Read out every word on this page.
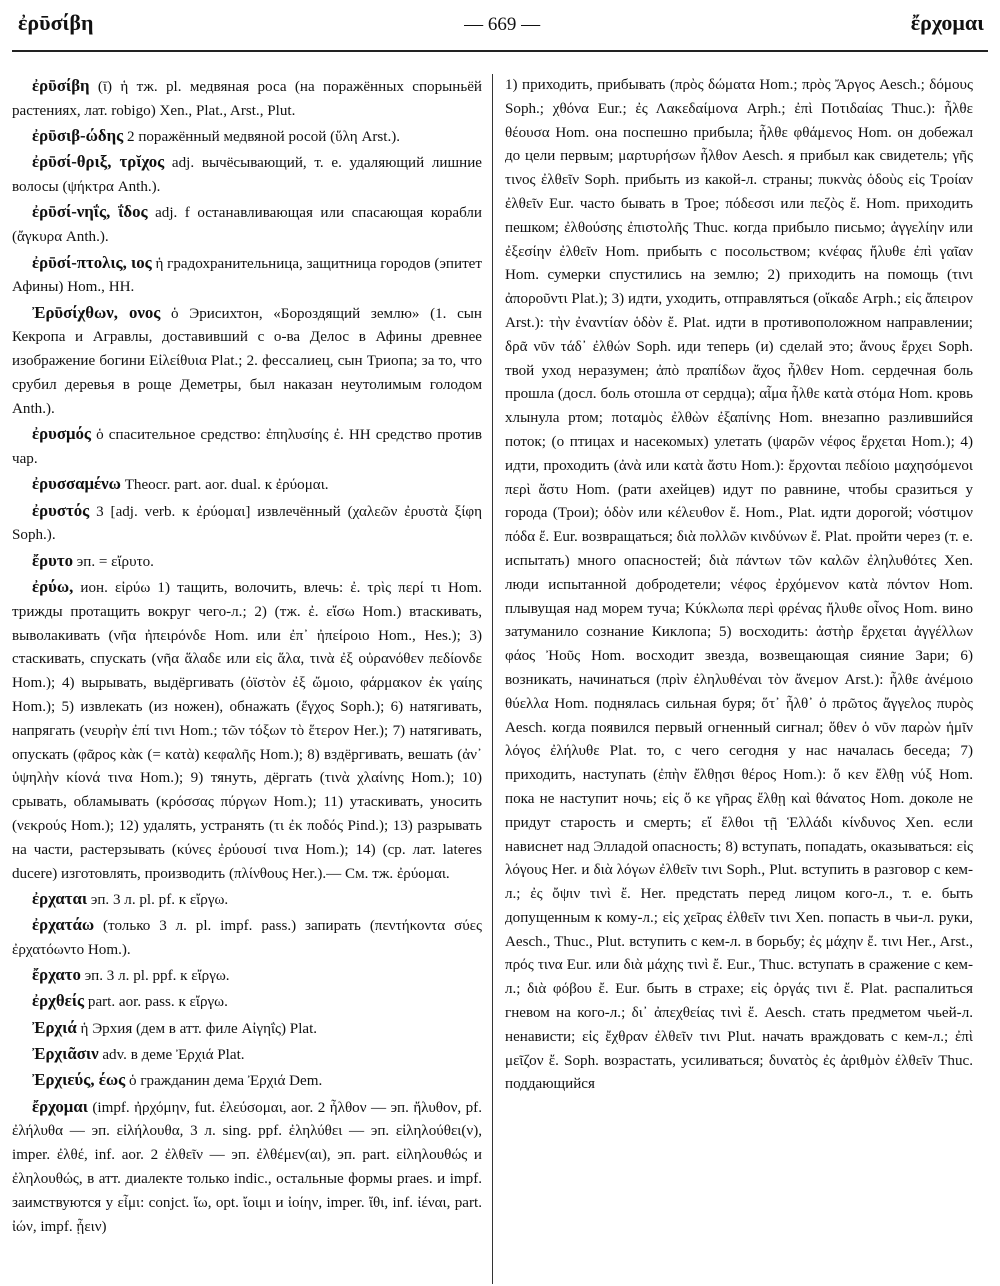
ἐρῡσίβη	— 669 —	ἔρχομαι

ἐρῡσίβη (ῑ) ἡ тж. pl. медвяная роса (на поражённых спорыньёй растениях, лат. robigo) Xen., Plat., Arst., Plut.

ἐρῡσιβ-ώδης 2 поражённый медвяной росой (ὕλη Arst.).

ἐρῡσί-θριξ, τρῐχος adj. вычёсывающий, т. е. удаляющий лишние волосы (ψήκτρα Anth.).

ἐρῡσί-νηΐς, ΐδος adj. f останавливающая или спасающая корабли (ἄγκυρα Anth.).

ἐρῡσί-πτολις, ιος ἡ градохранительница, защитница городов (эпитет Афины) Hom., HH.

Ἐρῡσίχθων, ονος ὁ Эрисихтон, «Бороздящий землю» (1. сын Кекропа и Агравлы, доставивший с о-ва Делос в Афины древнее изображение богини Εἰλείθυια Plat.; 2. фессалиец, сын Триопа; за то, что срубил деревья в роще Деметры, был наказан неутолимым голодом Anth.).

ἐρυσμός ὁ спасительное средство: ἐπηλυσίης ἐ. HH средство против чар.

ἐρυσσαμένω Theocr. part. aor. dual. к ἐρύομαι.

ἐρυστός 3 [adj. verb. к ἐρύομαι] извлечённый (χαλεῶν ἐρυστὰ ξίφη Soph.).

ἔρυτο эп. = εἴρυτο.

ἐρύω, ион. εἰρύω 1) тащить, волочить, влечь: ἐ. τρὶς περί τι Hom. трижды протащить вокруг чего-л.; 2) (тж. ἐ. εἴσω Hom.) втаскивать, выволакивать (νῆα ἠπειρόνδε Hom. или ἐπ᾽ ἠπείροιο Hom., Hes.); 3) стаскивать, спускать (νῆα ἅλαδε или εἰς ἅλα, τινὰ ἐξ οὐρανόθεν πεδίονδε Hom.); 4) вырывать, выдёргивать (ὀϊστὸν ἐξ ὤμοιο, φάρμακον ἐκ γαίης Hom.); 5) извлекать (из ножен), обнажать (ἔγχος Soph.); 6) натягивать, напрягать (νευρὴν ἐπί τινι Hom.; τῶν τόξων τὸ ἕτερον Her.); 7) натягивать, опускать (φᾶρος κὰκ (= κατὰ) κεφαλῆς Hom.); 8) вздёргивать, вешать (ἀν᾽ ὑψηλὴν κίονά τινα Hom.); 9) тянуть, дёргать (τινὰ χλαίνης Hom.); 10) срывать, обламывать (κρόσσας πύργων Hom.); 11) утаскивать, уносить (νεκρούς Hom.); 12) удалять, устранять (τι ἐκ ποδός Pind.); 13) разрывать на части, растерзывать (κύνες ἐρύουσί τινα Hom.); 14) (ср. лат. lateres ducere) изготовлять, производить (πλίνθους Her.).— См. тж. ἐρύομαι.

ἐρχαται эп. 3 л. pl. pf. к εἴργω.

ἐρχατάω (только 3 л. pl. impf. pass.) запирать (πεντήκοντα σύες ἐρχατόωντο Hom.).

ἔρχατο эп. 3 л. pl. ppf. к εἴργω.

ἐρχθείς part. aor. pass. к εἴργω.

Ἐρχιά ἡ Эрхия (дем в атт. филе Αἰγηΐς) Plat.

Ἐρχιᾶσιν adv. в деме Ἐρχιά Plat.

Ἐρχιεύς, έως ὁ гражданин дема Ἐρχιά Dem.

ἔρχομαι (impf. ἠρχόμην, fut. ἐλεύσομαι, aor. 2 ἦλθον — эп. ἤλυθον, pf. ἐλήλυθα — эп. εἰλήλουθα, 3 л. sing. ppf. ἐληλύθει — эп. εἰληλούθει(ν), imper. ἐλθέ, inf. aor. 2 ἐλθεῖν — эп. ἐλθέμεν(αι), эп. part. εἰληλουθώς и ἐληλουθώς, в атт. диалекте только indic., остальные формы praes. и impf. заимствуются у εἶμι: conjct. ἴω, opt. ἴοιμι и ἰοίην, imper. ἴθι, inf. ἰέναι, part. ἰών, impf. ᾖειν)

1) приходить, прибывать (πρὸς δώματα Hom.; πρὸς Ἄργος Aesch.; δόμους Soph.; χθόνα Eur.; ἐς Λακεδαίμονα Arph.; ἐπὶ Ποτιδαίας Thuc.): ἦλθε θέουσα Hom. она поспешно прибыла; ἦλθε φθάμενος Hom. он добежал до цели первым; μαρτυρήσων ἦλθον Aesch. я прибыл как свидетель; γῆς τινος ἐλθεῖν Soph. прибыть из какой-л. страны; πυκνὰς ὁδοὺς εἰς Τροίαν ἐλθεῖν Eur. часто бывать в Трое; πόδεσσι или πεζὸς ἔ. Hom. приходить пешком; ἐλθούσης ἐπιστολῆς Thuc. когда прибыло письмо; ἀγγελίην или ἐξεσίην ἐλθεῖν Hom. прибыть с посольством; κνέφας ἤλυθε ἐπὶ γαῖαν Hom. сумерки спустились на землю; 2) приходить на помощь (τινι ἀποροῦντι Plat.); 3) идти, уходить, отправляться (οἴκαδε Arph.; εἰς ἄπειρον Arst.): τὴν ἐναντίαν ὁδὸν ἔ. Plat. идти в противоположном направлении; δρᾶ νῦν τάδ᾽ ἐλθών Soph. иди теперь (и) сделай это; ἄνους ἔρχει Soph. твой уход неразумен; ἀπὸ πραπίδων ἄχος ἦλθεν Hom. сердечная боль прошла (досл. боль отошла от сердца); αἷμα ἦλθε κατὰ στόμα Hom. кровь хлынула ртом; ποταμὸς ἐλθὼν ἐξαπίνης Hom. внезапно разлившийся поток; (о птицах и насекомых) улетать (ψαρῶν νέφος ἔρχεται Hom.); 4) идти, проходить (ἀνὰ или κατὰ ἄστυ Hom.): ἔρχονται πεδίοιο μαχησόμενοι περὶ ἄστυ Hom. (рати ахейцев) идут по равнине, чтобы сразиться у города (Трои); ὁδὸν или κέλευθον ἔ. Hom., Plat. идти дорогой; νόστιμον πόδα ἔ. Eur. возвращаться; διὰ πολλῶν κινδύνων ἔ. Plat. пройти через (т. е. испытать) много опасностей; διὰ πάντων τῶν καλῶν ἐληλυθότες Xen. люди испытанной добродетели; νέφος ἐρχόμενον κατὰ πόντον Hom. плывущая над морем туча; Κύκλωπα περὶ φρένας ἤλυθε οἶνος Hom. вино затуманило сознание Киклопа; 5) восходить: ἀστὴρ ἔρχεται ἀγγέλλων φάος Ἠοῦς Hom. восходит звезда, возвещающая сияние Зари; 6) возникать, начинаться (πρὶν ἐληλυθέναι τὸν ἄνεμον Arst.): ἦλθε ἀνέμοιο θύελλα Hom. поднялась сильная буря; ὅτ᾽ ἦλθ᾽ ὁ πρῶτος ἄγγελος πυρὸς Aesch. когда появился первый огненный сигнал; ὅθεν ὁ νῦν παρὼν ἡμῖν λόγος ἐλήλυθε Plat. то, с чего сегодня у нас началась беседа; 7) приходить, наступать (ἐπὴν ἔλθῃσι θέρος Hom.): ὅ κεν ἔλθῃ νύξ Hom. пока не наступит ночь; εἰς ὅ κε γῆρας ἔλθῃ καὶ θάνατος Hom. доколе не придут старость и смерть; εἴ ἔλθοι τῇ Ἑλλάδι κίνδυνος Xen. если нависнет над Элладой опасность; 8) вступать, попадать, оказываться: εἰς λόγους Her. и διὰ λόγων ἐλθεῖν τινι Soph., Plut. вступить в разговор с кем-л.; ἐς ὄψιν τινὶ ἔ. Her. предстать перед лицом кого-л., т. е. быть допущенным к кому-л.; εἰς χεῖρας ἐλθεῖν τινι Xen. попасть в чьи-л. руки, Aesch., Thuc., Plut. вступить с кем-л. в борьбу; ἐς μάχην ἔ. τινι Her., Arst., πρός τινα Eur. или διὰ μάχης τινὶ ἔ. Eur., Thuc. вступать в сражение с кем-л.; διὰ φόβου ἔ. Eur. быть в страхе; εἰς ὀργάς τινι ἔ. Plat. распалиться гневом на кого-л.; δι᾽ ἀπεχθείας τινὶ ἔ. Aesch. стать предметом чьей-л. ненависти; εἰς ἔχθραν ἐλθεῖν τινι Plut. начать враждовать с кем-л.; ἐπὶ μεῖζον ἔ. Soph. возрастать, усиливаться; δυνατὸς ἐς ἀριθμὸν ἐλθεῖν Thuc. поддающийся
